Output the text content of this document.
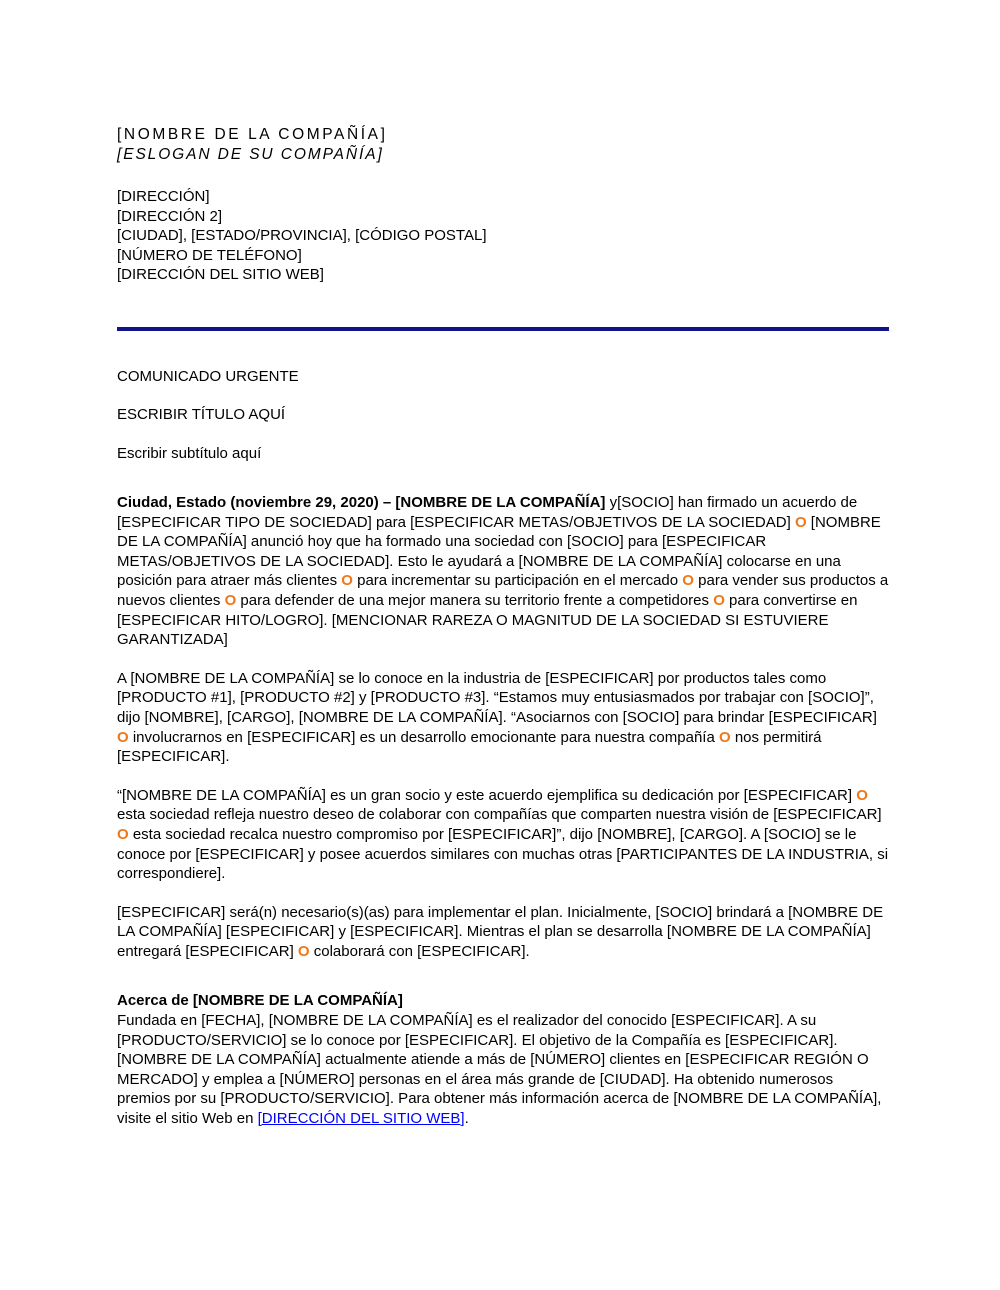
[NOMBRE DE LA COMPAÑÍA]
[ESLOGAN DE SU COMPAÑÍA]
[DIRECCIÓN]
[DIRECCIÓN 2]
[CIUDAD], [ESTADO/PROVINCIA], [CÓDIGO POSTAL]
[NÚMERO DE TELÉFONO]
[DIRECCIÓN DEL SITIO WEB]
COMUNICADO URGENTE
ESCRIBIR TÍTULO AQUÍ
Escribir subtítulo aquí

Ciudad, Estado (noviembre 29, 2020) – [NOMBRE DE LA COMPAÑÍA] y[SOCIO] han firmado un acuerdo de [ESPECIFICAR TIPO DE SOCIEDAD] para [ESPECIFICAR METAS/OBJETIVOS DE LA SOCIEDAD] O [NOMBRE DE LA COMPAÑÍA] anunció hoy que ha formado una sociedad con [SOCIO] para [ESPECIFICAR METAS/OBJETIVOS DE LA SOCIEDAD]. Esto le ayudará a [NOMBRE DE LA COMPAÑÍA] colocarse en una posición para atraer más clientes O para incrementar su participación en el mercado O para vender sus productos a nuevos clientes O para defender de una mejor manera su territorio frente a competidores O para convertirse en [ESPECIFICAR HITO/LOGRO]. [MENCIONAR RAREZA O MAGNITUD DE LA SOCIEDAD SI ESTUVIERE GARANTIZADA]

A [NOMBRE DE LA COMPAÑÍA] se lo conoce en la industria de [ESPECIFICAR] por productos tales como [PRODUCTO #1], [PRODUCTO #2] y [PRODUCTO #3]. “Estamos muy entusiasmados por trabajar con [SOCIO]”, dijo [NOMBRE], [CARGO], [NOMBRE DE LA COMPAÑÍA]. “Asociarnos con [SOCIO] para brindar [ESPECIFICAR] O involucrarnos en [ESPECIFICAR] es un desarrollo emocionante para nuestra compañía O nos permitirá [ESPECIFICAR].

“[NOMBRE DE LA COMPAÑÍA] es un gran socio y este acuerdo ejemplifica su dedicación por [ESPECIFICAR] O esta sociedad refleja nuestro deseo de colaborar con compañías que comparten nuestra visión de [ESPECIFICAR] O esta sociedad recalca nuestro compromiso por [ESPECIFICAR]”, dijo [NOMBRE], [CARGO]. A [SOCIO] se le conoce por [ESPECIFICAR] y posee acuerdos similares con muchas otras [PARTICIPANTES DE LA INDUSTRIA, si correspondiere].

[ESPECIFICAR] será(n) necesario(s)(as) para implementar el plan. Inicialmente, [SOCIO] brindará a [NOMBRE DE LA COMPAÑÍA] [ESPECIFICAR] y [ESPECIFICAR]. Mientras el plan se desarrolla [NOMBRE DE LA COMPAÑÍA] entregará [ESPECIFICAR] O colaborará con [ESPECIFICAR].

Acerca de [NOMBRE DE LA COMPAÑÍA]
Fundada en [FECHA], [NOMBRE DE LA COMPAÑÍA] es el realizador del conocido [ESPECIFICAR]. A su [PRODUCTO/SERVICIO] se lo conoce por [ESPECIFICAR]. El objetivo de la Compañía es [ESPECIFICAR]. [NOMBRE DE LA COMPAÑÍA] actualmente atiende a más de [NÚMERO] clientes en [ESPECIFICAR REGIÓN O MERCADO] y emplea a [NÚMERO] personas en el área más grande de [CIUDAD]. Ha obtenido numerosos premios por su [PRODUCTO/SERVICIO]. Para obtener más información acerca de [NOMBRE DE LA COMPAÑÍA], visite el sitio Web en [DIRECCIÓN DEL SITIO WEB].
